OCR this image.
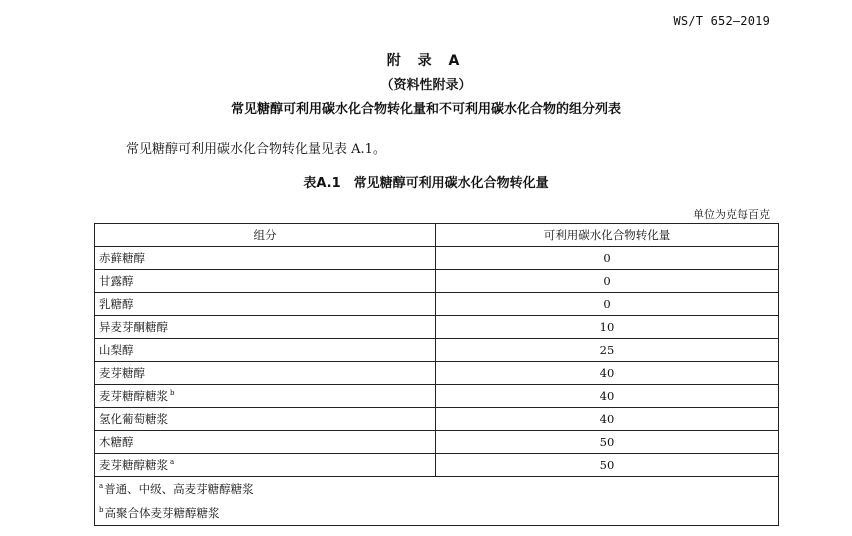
WS/T 652—2019
附 录 A
（资料性附录）
常见糖醇可利用碳水化合物转化量和不可利用碳水化合物的组分列表
常见糖醇可利用碳水化合物转化量见表 A.1。
表A.1　常见糖醇可利用碳水化合物转化量
单位为克每百克
组分	可利用碳水化合物转化量
赤藓糖醇	0
甘露醇	0
乳糖醇	0
异麦芽酮糖醇	10
山梨醇	25
麦芽糖醇	40
麦芽糖醇糖浆 $^b$	40
氢化葡萄糖浆	40
木糖醇	50
麦芽糖醇糖浆 $^a$	50
$^a$普通、中级、高麦芽糖醇糖浆	
$^b$高聚合体麦芽糖醇糖浆	
